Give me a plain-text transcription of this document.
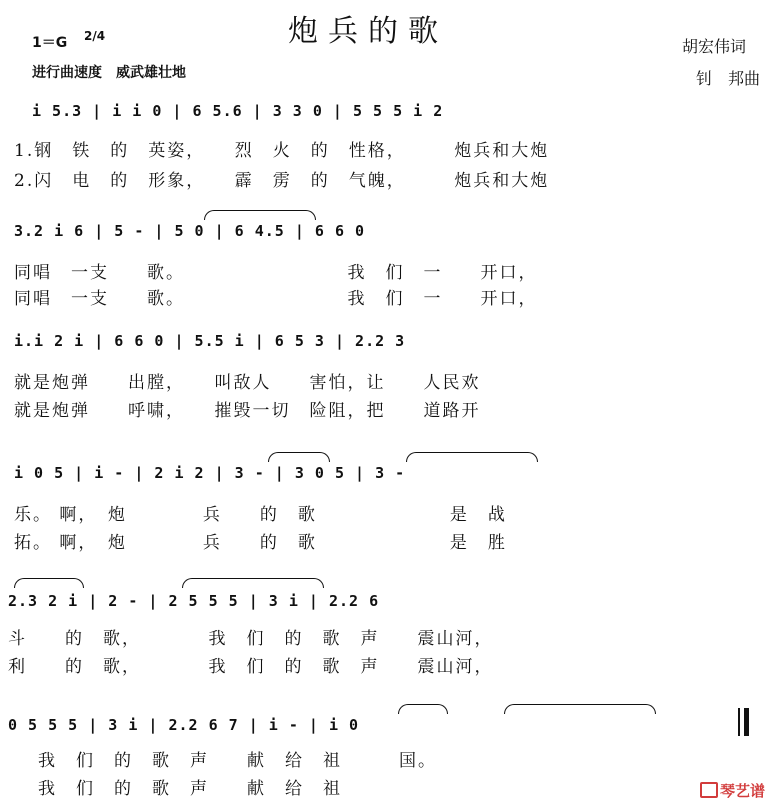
炮兵的歌
1＝G 2/4
进行曲速度　威武雄壮地
胡宏伟词
钊　邦曲
i 5.3 | i i 0 | 6 5.6 | 3 3 0 | 5 5 5 i 2
1.钢　铁　的　英姿，　　烈　火　的　性格，　　　炮兵和大炮
2.闪　电　的　形象，　　霹　雳　的　气魄，　　　炮兵和大炮
3.2 i 6 | 5 - | 5 0 | 6 4.5 | 6 6 0
同唱　一支　　歌。　　　　　　　　　我　们　一　　开口，
同唱　一支　　歌。　　　　　　　　　我　们　一　　开口，
i.i 2 i | 6 6 0 | 5.5 i | 6 5 3 | 2.2 3
就是炮弹　　出膛，　　叫敌人　　害怕，让　　人民欢
就是炮弹　　呼啸，　　摧毁一切　险阻，把　　道路开
i 0 5 | i - | 2 i 2 | 3 - | 3 0 5 | 3 -
乐。 啊，　炮　　　　兵　　的　歌　　　　　　　是　战
拓。 啊，　炮　　　　兵　　的　歌　　　　　　　是　胜
2.3 2 i | 2 - | 2 5 5 5 | 3 i | 2.2 6
斗　　的　歌，　　　　我　们　的　歌　声　　震山河，
利　　的　歌，　　　　我　们　的　歌　声　　震山河，
0 5 5 5 | 3 i | 2.2 6 7 | i - | i 0
我　们　的　歌　声　　献　给　祖　　　国。
我　们　的　歌　声　　献　给　祖	琴艺谱
